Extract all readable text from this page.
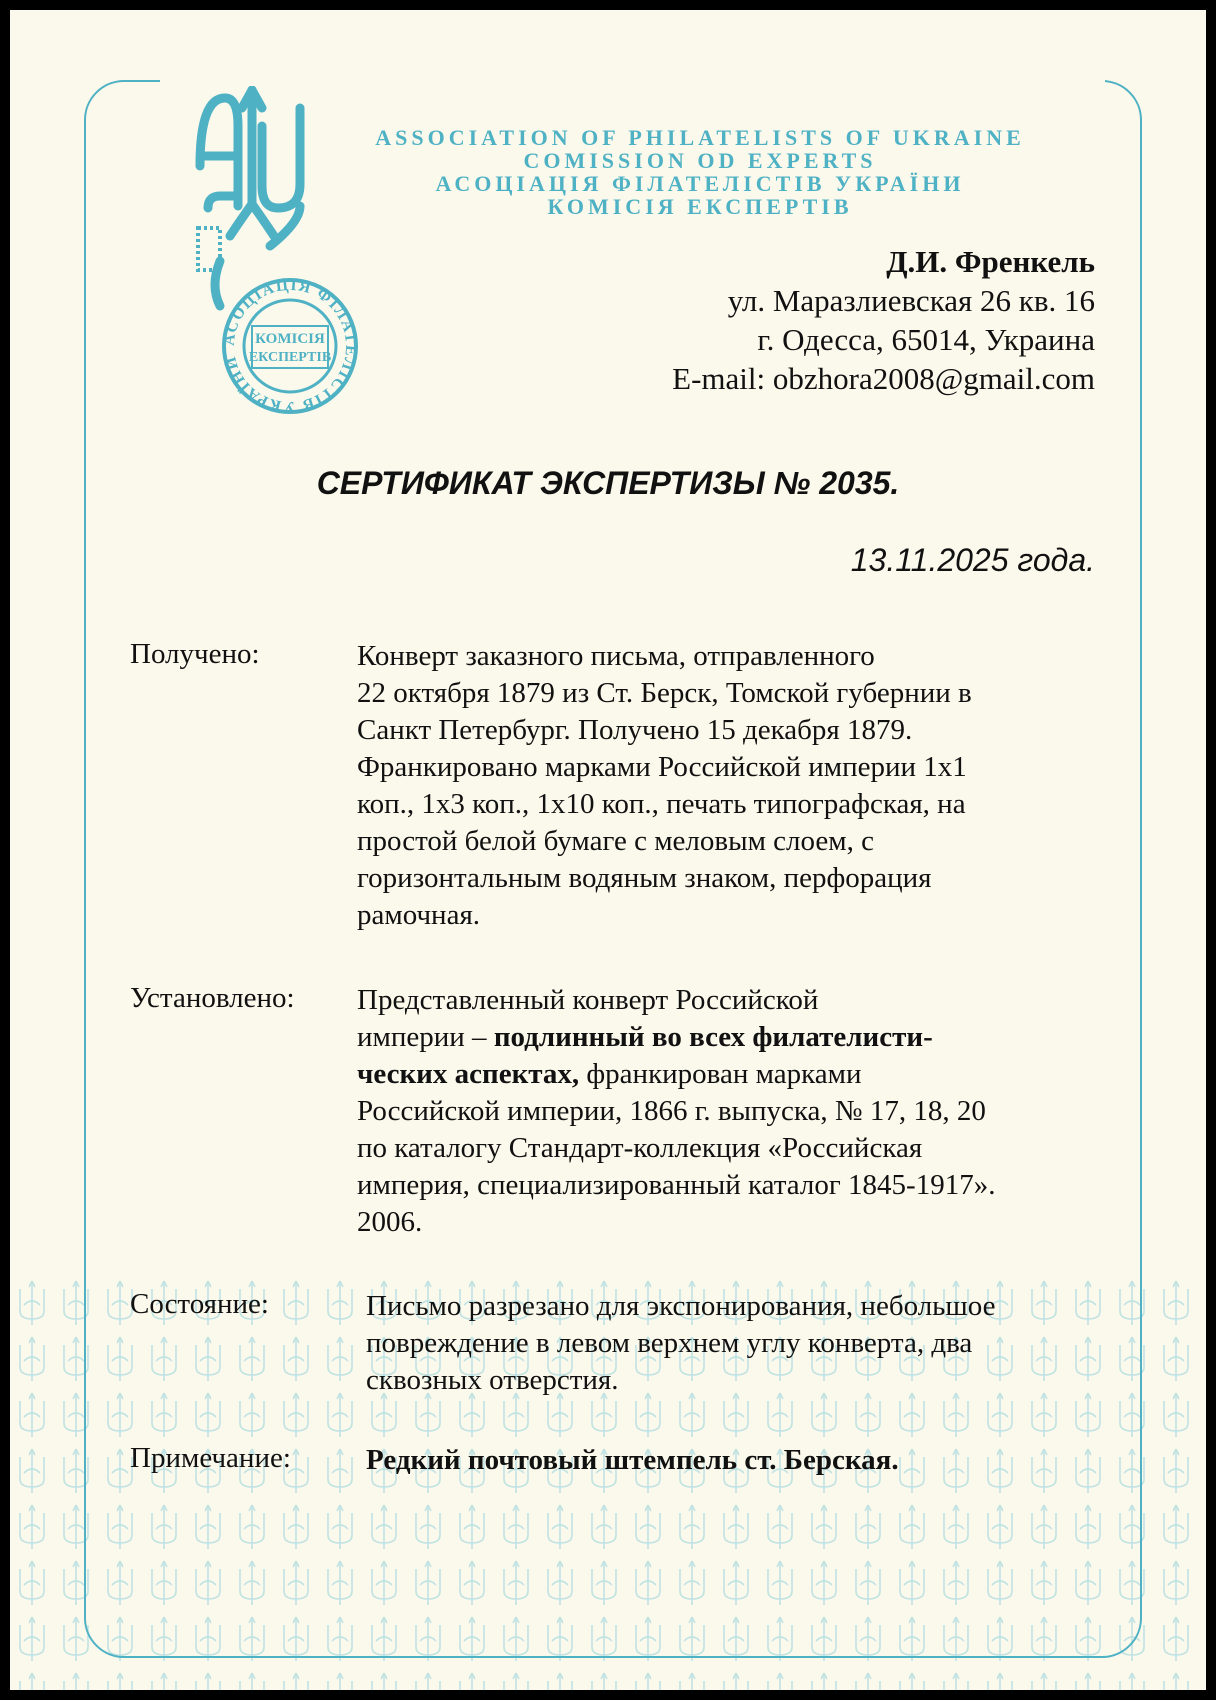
АСОЦІАЦІЯ ФІЛАТЕЛІСТІВ УКРАЇНИ
КОМІСІЯ
ЕКСПЕРТІВ
ASSOCIATION OF PHILATELISTS OF UKRAINE
COMISSION OD EXPERTS
АСОЦІАЦІЯ ФІЛАТЕЛІСТІВ УКРАЇНИ
КОМІСІЯ ЕКСПЕРТІВ
Д.И. Френкель
ул. Маразлиевская 26 кв. 16
г. Одесса, 65014, Украина
E-mail: obzhora2008@gmail.com
СЕРТИФИКАТ ЭКСПЕРТИЗЫ № 2035.
13.11.2025 года.
Получено:	Конверт заказного письма, отправленного
22 октября 1879 из Ст. Берск, Томской губернии в
Санкт Петербург. Получено 15 декабря 1879.
Франкировано марками Российской империи 1х1
коп., 1х3 коп., 1х10 коп., печать типографская, на
простой белой бумаге с меловым слоем, с
горизонтальным водяным знаком, перфорация
рамочная.
Установлено: Представленный конверт Российской
империи – подлинный во всех филателисти-
ческих аспектах, франкирован марками
Российской империи, 1866 г. выпуска, № 17, 18, 20
по каталогу Стандарт-коллекция «Российская
империя, специализированный каталог 1845-1917».
2006.
Состояние:	Письмо разрезано для экспонирования, небольшое
повреждение в левом верхнем углу конверта, два
сквозных отверстия.
Примечание:	Редкий почтовый штемпель ст. Берская.
